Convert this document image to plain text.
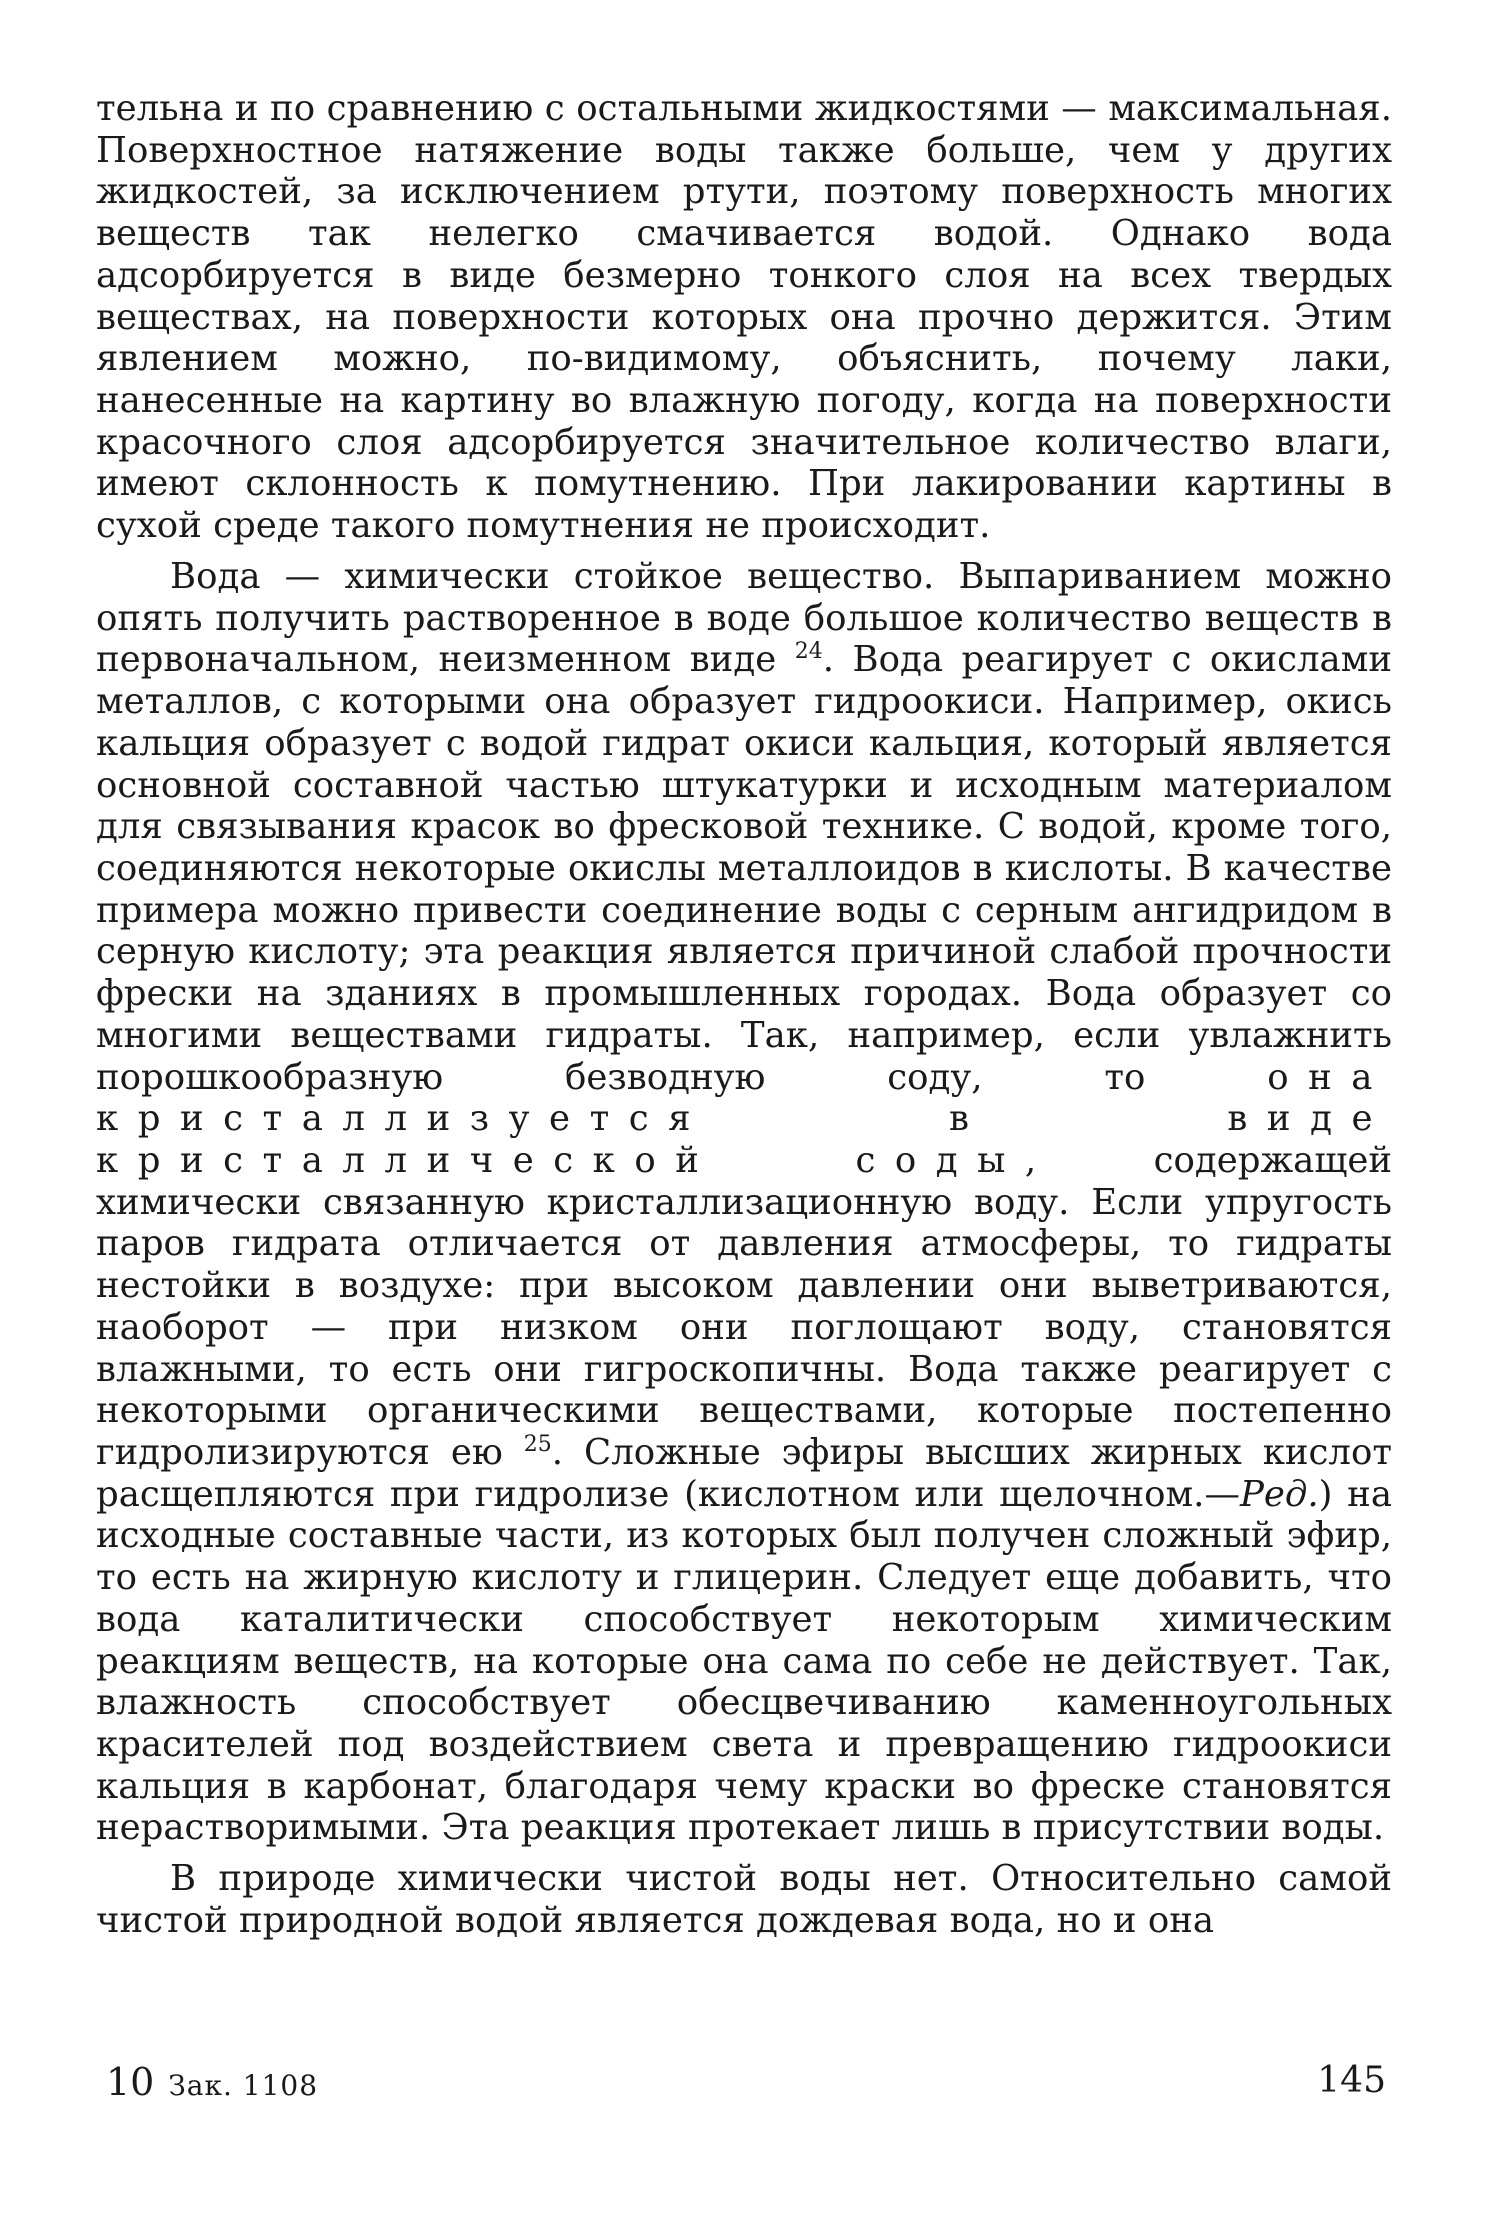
тельна и по сравнению с остальными жидкостями — максимальная. Поверхностное натяжение воды также больше, чем у других жидкостей, за исключением ртути, поэтому поверхность многих веществ так нелегко смачивается водой. Однако вода адсорбируется в виде безмерно тонкого слоя на всех твердых веществах, на поверхности которых она прочно держится. Этим явлением можно, по-видимому, объяснить, почему лаки, нанесенные на картину во влажную погоду, когда на поверхности красочного слоя адсорбируется значительное количество влаги, имеют склонность к помутнению. При лакировании картины в сухой среде такого помутнения не происходит.

Вода — химически стойкое вещество. Выпариванием можно опять получить растворенное в воде большое количество веществ в первоначальном, неизменном виде $^{24}$. Вода реагирует с окислами металлов, с которыми она образует гидроокиси. Например, окись кальция образует с водой гидрат окиси кальция, который является основной составной частью штукатурки и исходным материалом для связывания красок во фресковой технике. С водой, кроме того, соединяются некоторые окислы металлоидов в кислоты. В качестве примера можно привести соединение воды с серным ангидридом в серную кислоту; эта реакция является причиной слабой прочности фрески на зданиях в промышленных городах. Вода образует со многими веществами гидраты. Так, например, если увлажнить порошкообразную безводную соду, то она кристаллизуется в виде кристаллической соды, содержащей химически связанную кристаллизационную воду. Если упругость паров гидрата отличается от давления атмосферы, то гидраты нестойки в воздухе: при высоком давлении они выветриваются, наоборот — при низком они поглощают воду, становятся влажными, то есть они гигроскопичны. Вода также реагирует с некоторыми органическими веществами, которые постепенно гидролизируются ею $^{25}$. Сложные эфиры высших жирных кислот расщепляются при гидролизе (кислотном или щелочном.—Ред.) на исходные составные части, из которых был получен сложный эфир, то есть на жирную кислоту и глицерин. Следует еще добавить, что вода каталитически способствует некоторым химическим реакциям веществ, на которые она сама по себе не действует. Так, влажность способствует обесцвечиванию каменноугольных красителей под воздействием света и превращению гидроокиси кальция в карбонат, благодаря чему краски во фреске становятся нерастворимыми. Эта реакция протекает лишь в присутствии воды.

В природе химически чистой воды нет. Относительно самой чистой природной водой является дождевая вода, но и она

10 Зак. 1108	145
